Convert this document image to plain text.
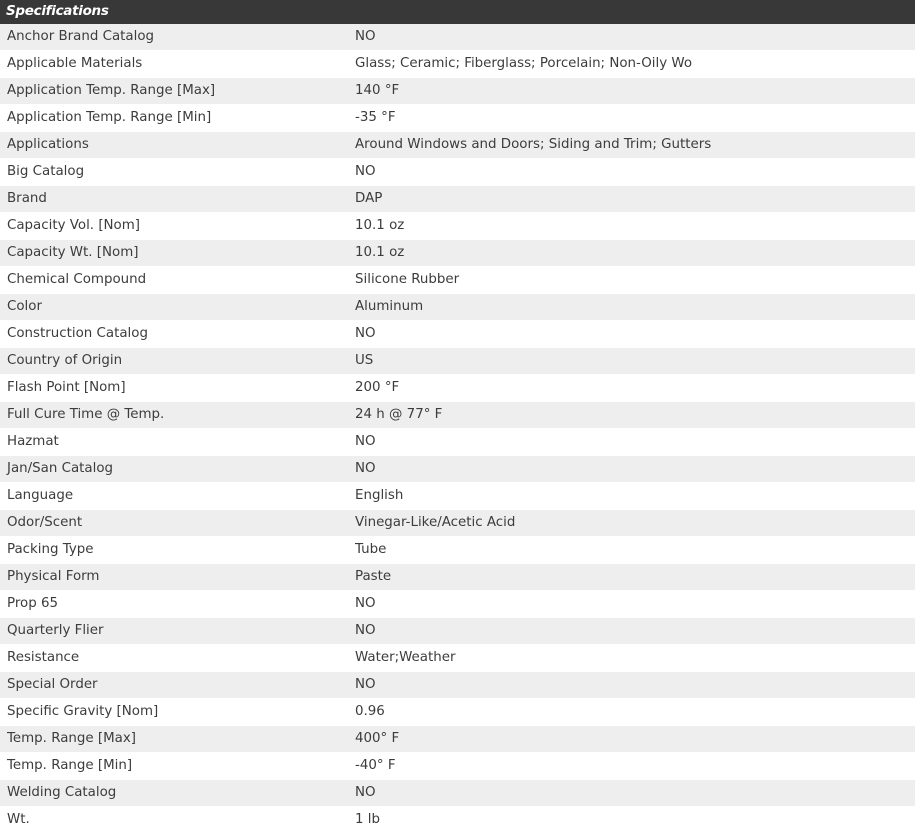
Specifications
Anchor Brand Catalog	NO
Applicable Materials	Glass; Ceramic; Fiberglass; Porcelain; Non-Oily Wo
Application Temp. Range [Max]	140 °F
Application Temp. Range [Min]	-35 °F
Applications	Around Windows and Doors; Siding and Trim; Gutters
Big Catalog	NO
Brand	DAP
Capacity Vol. [Nom]	10.1 oz
Capacity Wt. [Nom]	10.1 oz
Chemical Compound	Silicone Rubber
Color	Aluminum
Construction Catalog	NO
Country of Origin	US
Flash Point [Nom]	200 °F
Full Cure Time @ Temp.	24 h @ 77° F
Hazmat	NO
Jan/San Catalog	NO
Language	English
Odor/Scent	Vinegar-Like/Acetic Acid
Packing Type	Tube
Physical Form	Paste
Prop 65	NO
Quarterly Flier	NO
Resistance	Water;Weather
Special Order	NO
Specific Gravity [Nom]	0.96
Temp. Range [Max]	400° F
Temp. Range [Min]	-40° F
Welding Catalog	NO
Wt.	1 lb
